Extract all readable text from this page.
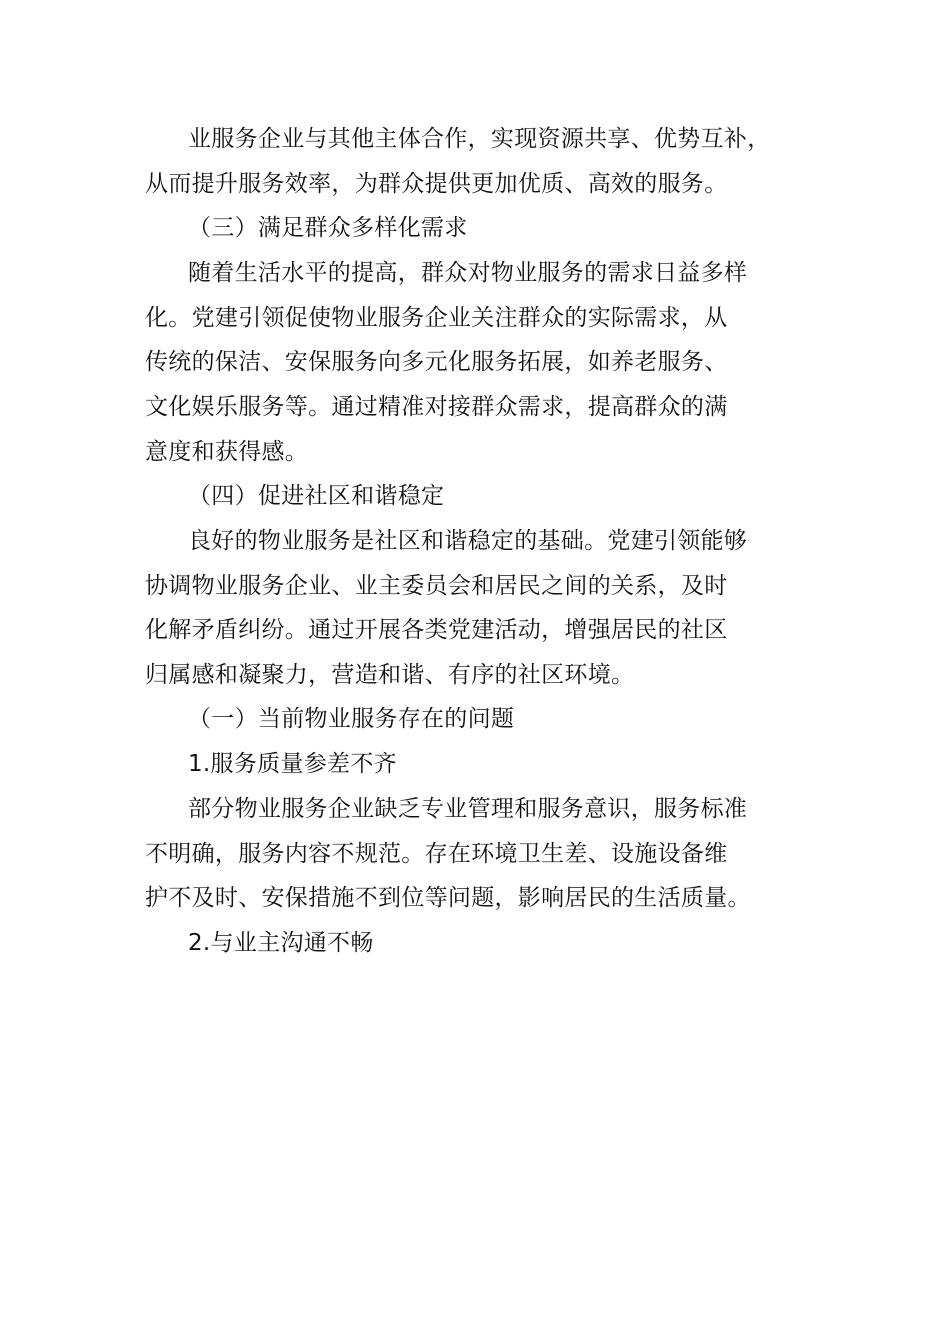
业服务企业与其他主体合作，实现资源共享、优势互补，
从而提升服务效率，为群众提供更加优质、高效的服务。
（三）满足群众多样化需求
随着生活水平的提高，群众对物业服务的需求日益多样
化。党建引领促使物业服务企业关注群众的实际需求，从
传统的保洁、安保服务向多元化服务拓展，如养老服务、
文化娱乐服务等。通过精准对接群众需求，提高群众的满
意度和获得感。
（四）促进社区和谐稳定
良好的物业服务是社区和谐稳定的基础。党建引领能够
协调物业服务企业、业主委员会和居民之间的关系，及时
化解矛盾纠纷。通过开展各类党建活动，增强居民的社区
归属感和凝聚力，营造和谐、有序的社区环境。
（一）当前物业服务存在的问题
1.服务质量参差不齐
部分物业服务企业缺乏专业管理和服务意识，服务标准
不明确，服务内容不规范。存在环境卫生差、设施设备维
护不及时、安保措施不到位等问题，影响居民的生活质量。
2.与业主沟通不畅
